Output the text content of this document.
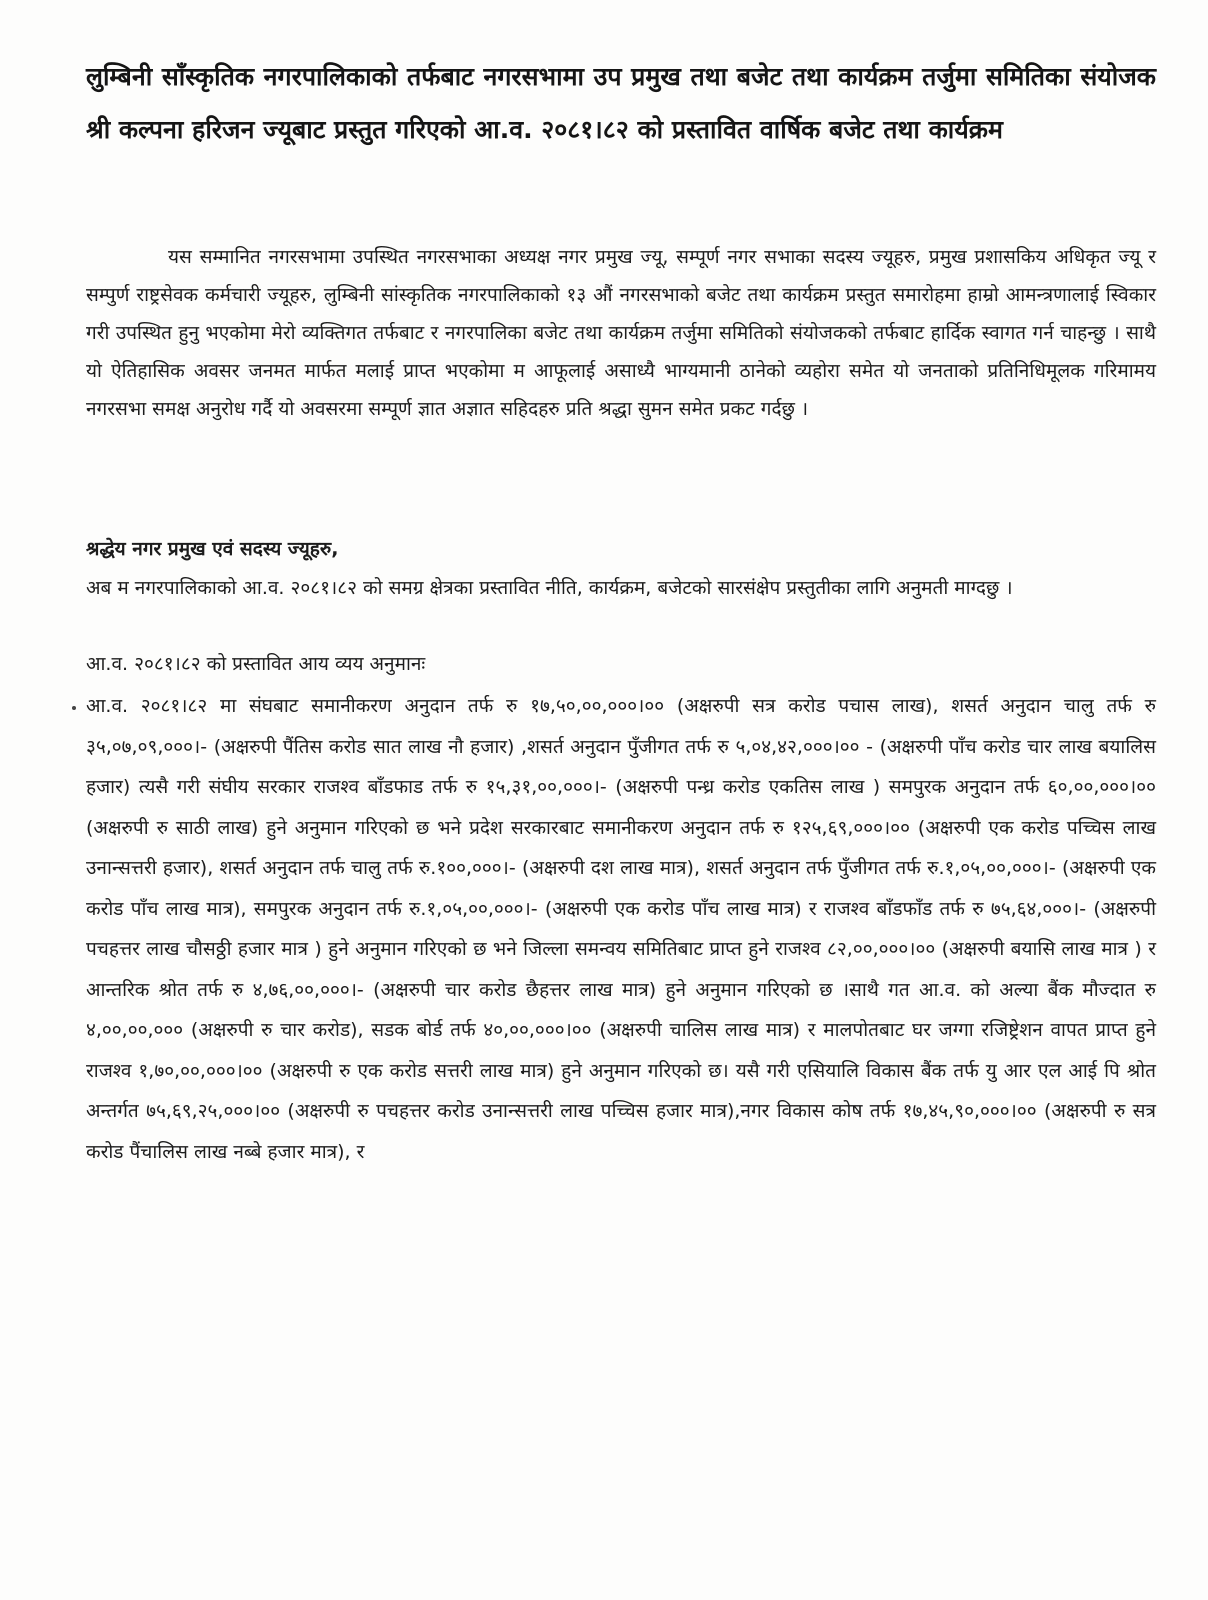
लुम्बिनी साँस्कृतिक नगरपालिकाको तर्फबाट नगरसभामा उप प्रमुख तथा बजेट तथा कार्यक्रम तर्जुमा समितिका संयोजक श्री कल्पना हरिजन ज्यूबाट प्रस्तुत गरिएको आ.व. २०८१।८२ को प्रस्तावित वार्षिक बजेट तथा कार्यक्रम
यस सम्मानित नगरसभामा उपस्थित नगरसभाका अध्यक्ष नगर प्रमुख ज्यू, सम्पूर्ण नगर सभाका सदस्य ज्यूहरु, प्रमुख प्रशासकिय अधिकृत ज्यू र सम्पुर्ण राष्ट्रसेवक कर्मचारी ज्यूहरु, लुम्बिनी सांस्कृतिक नगरपालिकाको १३ औं नगरसभाको बजेट तथा कार्यक्रम प्रस्तुत समारोहमा हाम्रो आमन्त्रणालाई स्विकार गरी उपस्थित हुनु भएकोमा मेरो व्यक्तिगत तर्फबाट र नगरपालिका बजेट तथा कार्यक्रम तर्जुमा समितिको संयोजकको तर्फबाट हार्दिक स्वागत गर्न चाहन्छु । साथै यो ऐतिहासिक अवसर जनमत मार्फत मलाई प्राप्त भएकोमा म आफूलाई असाध्यै भाग्यमानी ठानेको व्यहोरा समेत यो जनताको प्रतिनिधिमूलक गरिमामय नगरसभा समक्ष अनुरोध गर्दै यो अवसरमा सम्पूर्ण ज्ञात अज्ञात सहिदहरु प्रति श्रद्धा सुमन समेत प्रकट गर्दछु ।
श्रद्धेय नगर प्रमुख एवं सदस्य ज्यूहरु,
अब म नगरपालिकाको आ.व. २०८१।८२ को समग्र क्षेत्रका प्रस्तावित नीति, कार्यक्रम, बजेटको सारसंक्षेप प्रस्तुतीका लागि अनुमती माग्दछु ।
आ.व. २०८१।८२ को प्रस्तावित आय व्यय अनुमानः
आ.व. २०८१।८२ मा संघबाट समानीकरण अनुदान तर्फ रु १७,५०,००,०००।०० (अक्षरुपी सत्र करोड पचास लाख), शसर्त अनुदान चालु तर्फ रु ३५,०७,०९,०००।- (अक्षरुपी पैंतिस करोड सात लाख नौ हजार) ,शसर्त अनुदान पुँजीगत तर्फ रु ५,०४,४२,०००।०० - (अक्षरुपी पाँच करोड चार लाख बयालिस हजार) त्यसै गरी संघीय सरकार राजश्व बाँडफाड तर्फ रु १५,३१,००,०००।- (अक्षरुपी पन्ध्र करोड एकतिस लाख ) समपुरक अनुदान तर्फ ६०,००,०००।०० (अक्षरुपी रु साठी लाख) हुने अनुमान गरिएको छ भने प्रदेश सरकारबाट समानीकरण अनुदान तर्फ रु १२५,६९,०००।०० (अक्षरुपी एक करोड पच्चिस लाख उनान्सत्तरी हजार), शसर्त अनुदान तर्फ चालु तर्फ रु.१००,०००।- (अक्षरुपी दश लाख मात्र), शसर्त अनुदान तर्फ पुँजीगत तर्फ रु.१,०५,००,०००।- (अक्षरुपी एक करोड पाँच लाख मात्र), समपुरक अनुदान तर्फ रु.१,०५,००,०००।- (अक्षरुपी एक करोड पाँच लाख मात्र) र राजश्व बाँडफाँड तर्फ रु ७५,६४,०००।- (अक्षरुपी पचहत्तर लाख चौसठ्ठी हजार मात्र ) हुने अनुमान गरिएको छ भने जिल्ला समन्वय समितिबाट प्राप्त हुने राजश्व ८२,००,०००।०० (अक्षरुपी बयासि लाख मात्र ) र आन्तरिक श्रोत तर्फ रु ४,७६,००,०००।- (अक्षरुपी चार करोड छैहत्तर लाख मात्र) हुने अनुमान गरिएको छ ।साथै गत आ.व. को अल्या बैंक मौज्दात रु ४,००,००,००० (अक्षरुपी रु चार करोड), सडक बोर्ड तर्फ ४०,००,०००।०० (अक्षरुपी चालिस लाख मात्र) र मालपोतबाट घर जग्गा रजिष्ट्रेशन वापत प्राप्त हुने राजश्व १,७०,००,०००।०० (अक्षरुपी रु एक करोड सत्तरी लाख मात्र) हुने अनुमान गरिएको छ। यसै गरी एसियालि विकास बैंक तर्फ यु आर एल आई पि श्रोत अन्तर्गत ७५,६९,२५,०००।०० (अक्षरुपी रु पचहत्तर करोड उनान्सत्तरी लाख पच्चिस हजार मात्र),नगर विकास कोष तर्फ १७,४५,९०,०००।०० (अक्षरुपी रु सत्र करोड पैंचालिस लाख नब्बे हजार मात्र), र
